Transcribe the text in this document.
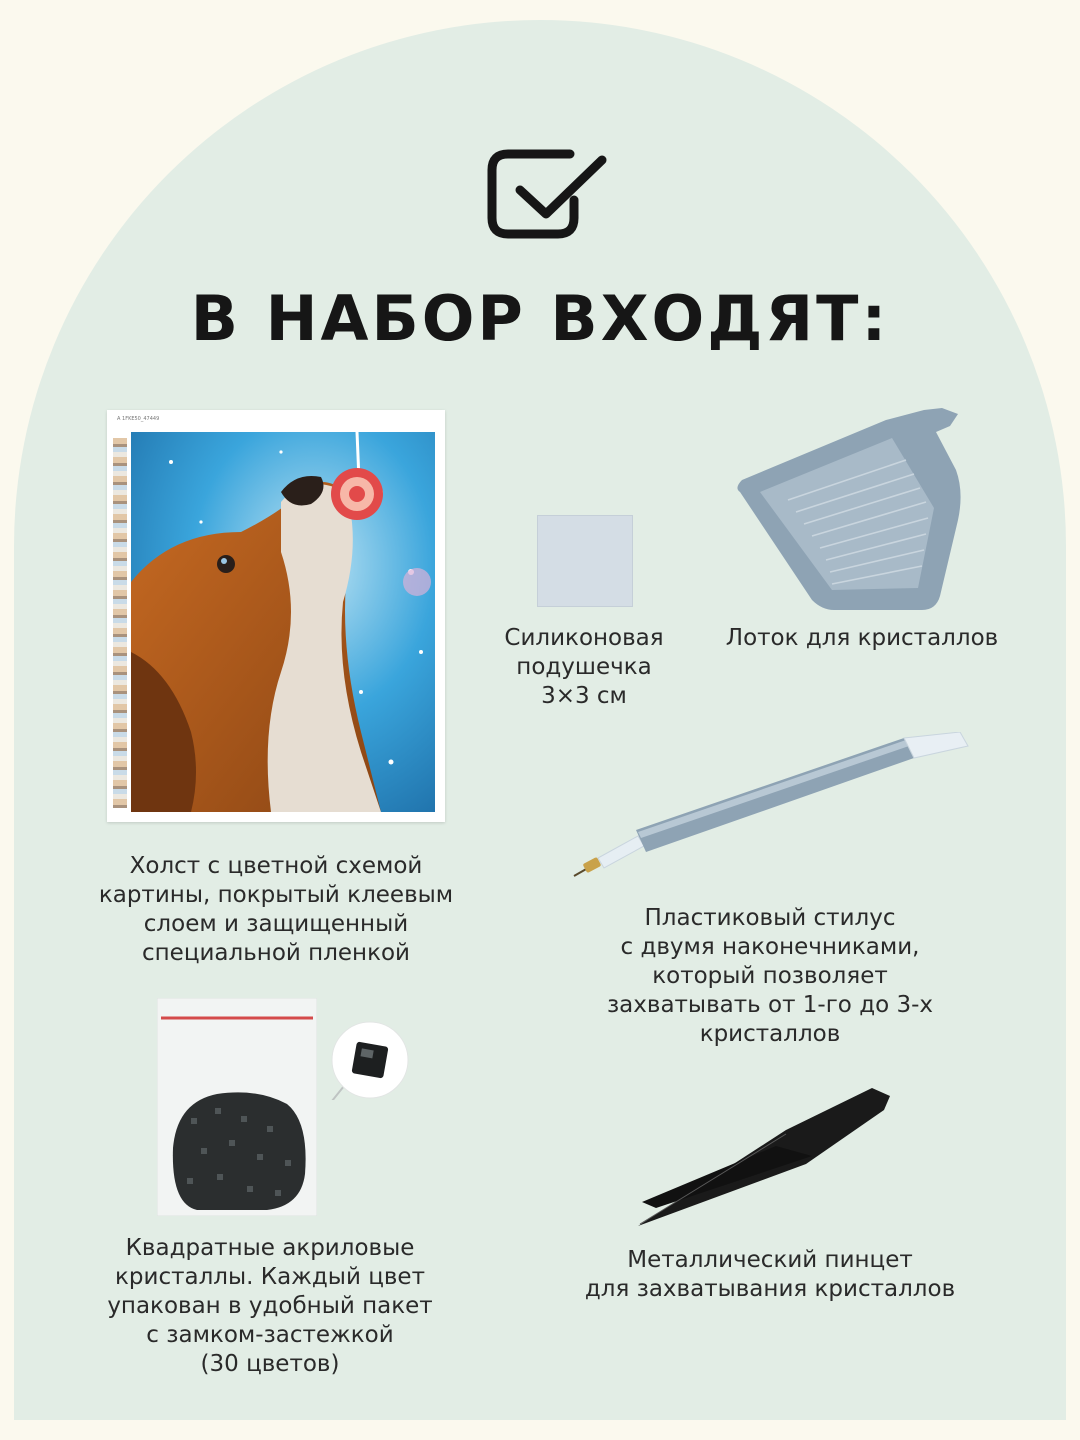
В НАБОР ВХОДЯТ:
A 1FKE50_47449
Силиконовая
подушечка
3×3 см
Лоток для кристаллов
Холст с цветной схемой
картины, покрытый клеевым
слоем и защищенный
специальной пленкой
Пластиковый стилус
с двумя наконечниками,
который позволяет
захватывать от 1-го до 3-х
кристаллов
Квадратные акриловые
кристаллы. Каждый цвет
упакован в удобный пакет
с замком-застежкой
(30 цветов)
Металлический пинцет
для захватывания кристаллов
